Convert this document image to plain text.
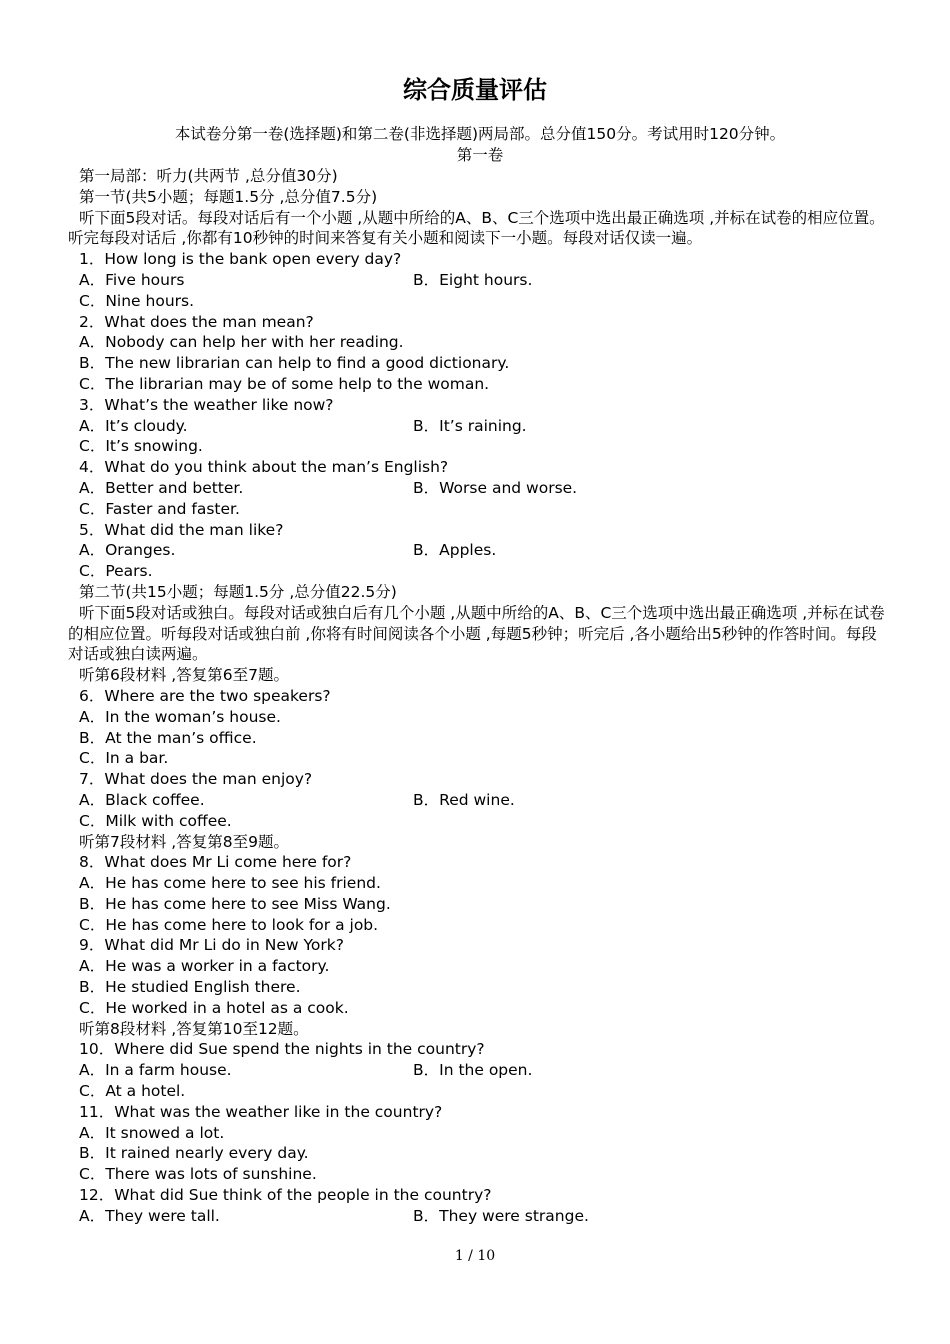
综合质量评估
本试卷分第一卷(选择题)和第二卷(非选择题)两局部。总分值150分。考试用时120分钟。
第一卷
第一局部：听力(共两节 ,总分值30分)
第一节(共5小题；每题1.5分 ,总分值7.5分)
听下面5段对话。每段对话后有一个小题 ,从题中所给的A、B、C三个选项中选出最正确选项 ,并标在试卷的相应位置。听完每段对话后 ,你都有10秒钟的时间来答复有关小题和阅读下一小题。每段对话仅读一遍。
1．How long is the bank open every day?
A．Five hours	B．Eight hours.
C．Nine hours.
2．What does the man mean?
A．Nobody can help her with her reading.
B．The new librarian can help to find a good dictionary.
C．The librarian may be of some help to the woman.
3．What’s the weather like now?
A．It’s cloudy.	B．It’s raining.
C．It’s snowing.
4．What do you think about the man’s English?
A．Better and better.	B．Worse and worse.
C．Faster and faster.
5．What did the man like?
A．Oranges.	B．Apples.
C．Pears.
第二节(共15小题；每题1.5分 ,总分值22.5分)
听下面5段对话或独白。每段对话或独白后有几个小题 ,从题中所给的A、B、C三个选项中选出最正确选项 ,并标在试卷的相应位置。听每段对话或独白前 ,你将有时间阅读各个小题 ,每题5秒钟；听完后 ,各小题给出5秒钟的作答时间。每段对话或独白读两遍。
听第6段材料 ,答复第6至7题。
6．Where are the two speakers?
A．In the woman’s house.
B．At the man’s office.
C．In a bar.
7．What does the man enjoy?
A．Black coffee.	B．Red wine.
C．Milk with coffee.
听第7段材料 ,答复第8至9题。
8．What does Mr Li come here for?
A．He has come here to see his friend.
B．He has come here to see Miss Wang.
C．He has come here to look for a job.
9．What did Mr Li do in New York?
A．He was a worker in a factory.
B．He studied English there.
C．He worked in a hotel as a cook.
听第8段材料 ,答复第10至12题。
10．Where did Sue spend the nights in the country?
A．In a farm house.	B．In the open.
C．At a hotel.
11．What was the weather like in the country?
A．It snowed a lot.
B．It rained nearly every day.
C．There was lots of sunshine.
12．What did Sue think of the people in the country?
A．They were tall.	B．They were strange.
1 / 10
